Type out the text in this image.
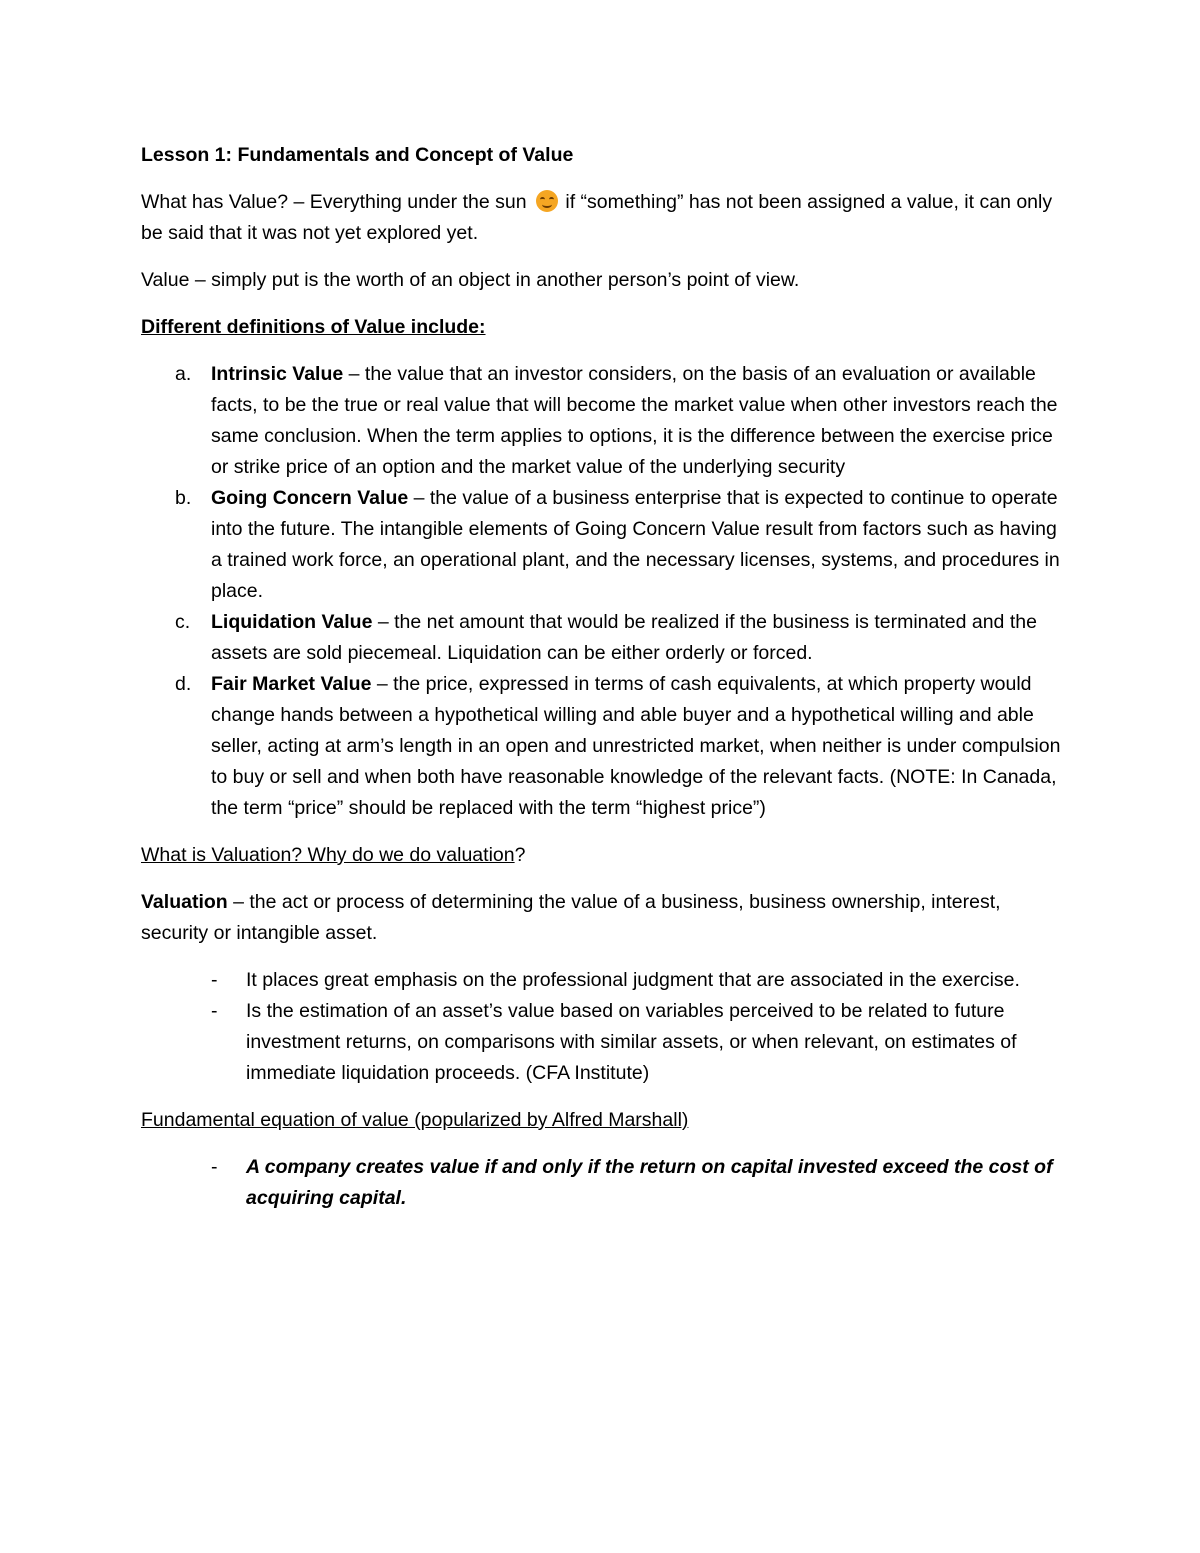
Lesson 1: Fundamentals and Concept of Value

What has Value? – Everything under the sun if “something” has not been assigned a value, it can only be said that it was not yet explored yet.

Value – simply put is the worth of an object in another person’s point of view.

Different definitions of Value include:

a. Intrinsic Value – the value that an investor considers, on the basis of an evaluation or available facts, to be the true or real value that will become the market value when other investors reach the same conclusion. When the term applies to options, it is the difference between the exercise price or strike price of an option and the market value of the underlying security
b. Going Concern Value – the value of a business enterprise that is expected to continue to operate into the future. The intangible elements of Going Concern Value result from factors such as having a trained work force, an operational plant, and the necessary licenses, systems, and procedures in place.
c. Liquidation Value – the net amount that would be realized if the business is terminated and the assets are sold piecemeal. Liquidation can be either orderly or forced.
d. Fair Market Value – the price, expressed in terms of cash equivalents, at which property would change hands between a hypothetical willing and able buyer and a hypothetical willing and able seller, acting at arm’s length in an open and unrestricted market, when neither is under compulsion to buy or sell and when both have reasonable knowledge of the relevant facts. (NOTE: In Canada, the term “price” should be replaced with the term “highest price”)

What is Valuation? Why do we do valuation?

Valuation – the act or process of determining the value of a business, business ownership, interest, security or intangible asset.

- It places great emphasis on the professional judgment that are associated in the exercise.
- Is the estimation of an asset’s value based on variables perceived to be related to future investment returns, on comparisons with similar assets, or when relevant, on estimates of immediate liquidation proceeds. (CFA Institute)

Fundamental equation of value (popularized by Alfred Marshall)

- A company creates value if and only if the return on capital invested exceed the cost of acquiring capital.
